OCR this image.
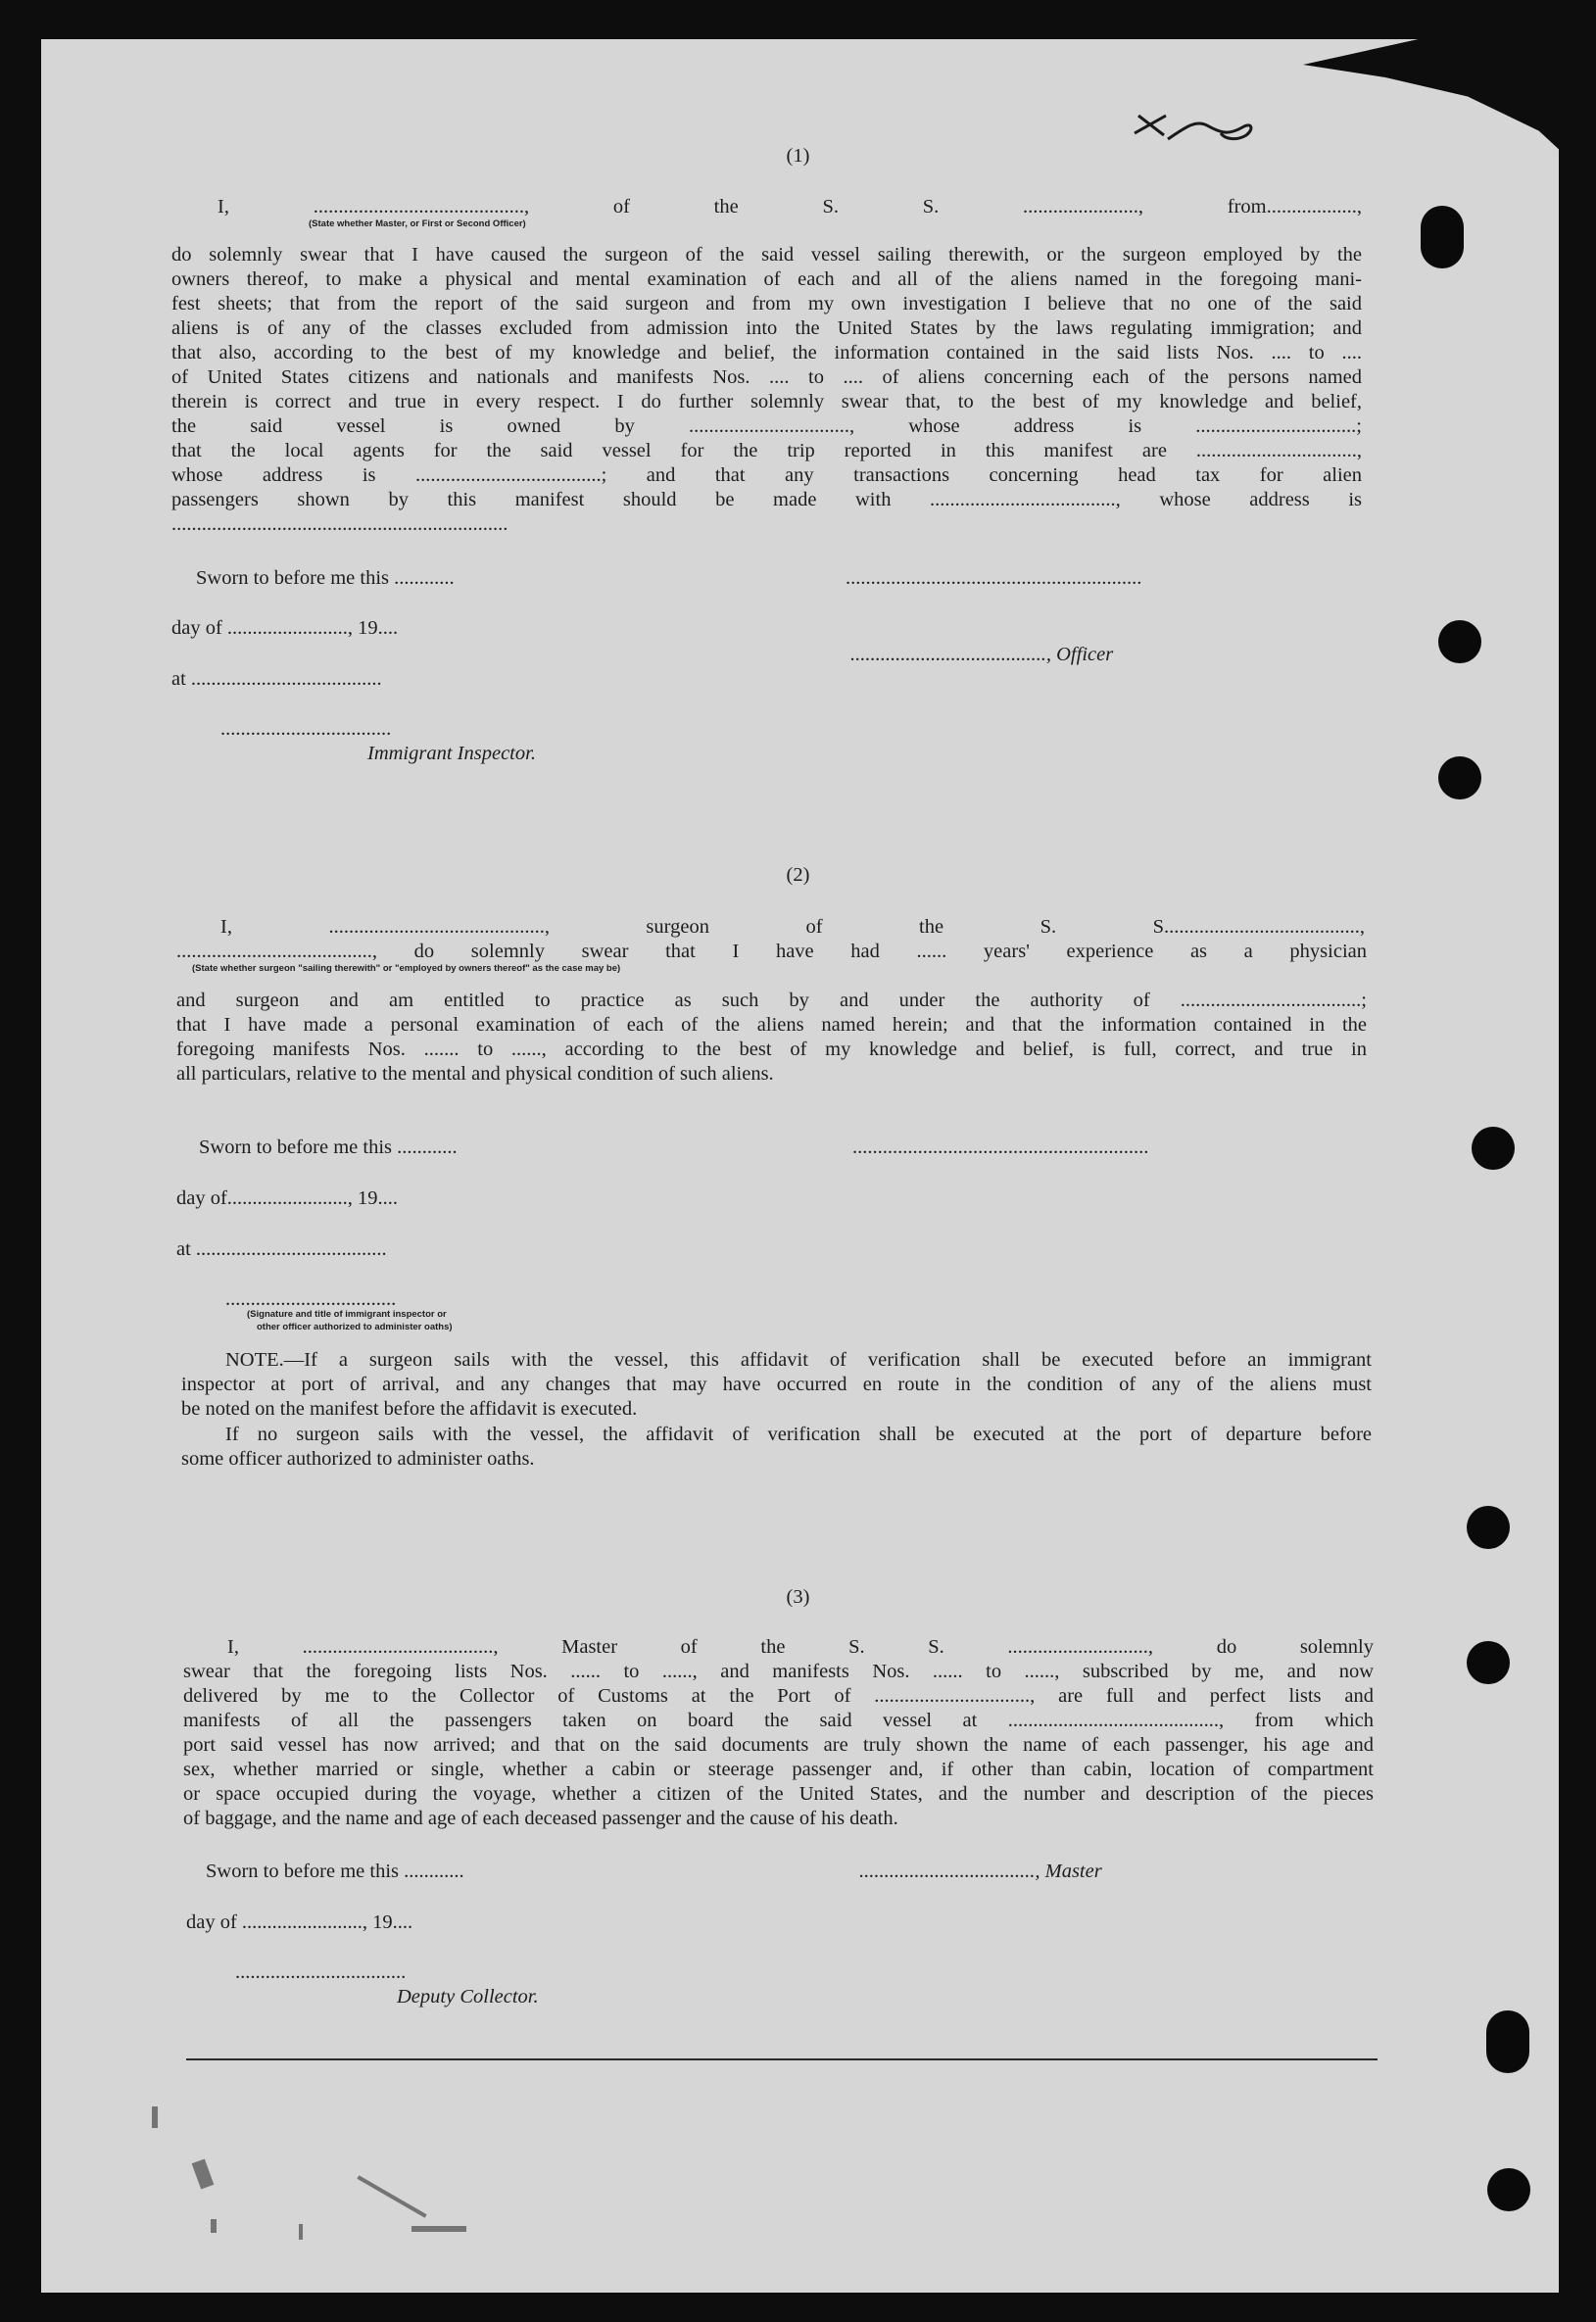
(1)
I, .........................................., of the S. S. ......................., from..................,
(State whether Master, or First or Second Officer)
do solemnly swear that I have caused the surgeon of the said vessel sailing therewith, or the surgeon employed by the
owners thereof, to make a physical and mental examination of each and all of the aliens named in the foregoing mani-
fest sheets; that from the report of the said surgeon and from my own investigation I believe that no one of the said
aliens is of any of the classes excluded from admission into the United States by the laws regulating immigration; and
that also, according to the best of my knowledge and belief, the information contained in the said lists Nos. .... to ....
of United States citizens and nationals and manifests Nos. .... to .... of aliens concerning each of the persons named
therein is correct and true in every respect. I do further solemnly swear that, to the best of my knowledge and belief,
the said vessel is owned by ................................, whose address is ................................;
that the local agents for the said vessel for the trip reported in this manifest are ................................,
whose address is .....................................; and that any transactions concerning head tax for alien
passengers shown by this manifest should be made with ....................................., whose address is
...................................................................
Sworn to before me this ............	...........................................................
day of ........................, 19....
......................................., Officer
at ......................................
..................................
Immigrant Inspector.
(2)
I, ..........................................., surgeon of the S. S.......................................,
......................................., do solemnly swear that I have had ...... years' experience as a physician
(State whether surgeon "sailing therewith" or "employed by owners thereof" as the case may be)
and surgeon and am entitled to practice as such by and under the authority of ....................................;
that I have made a personal examination of each of the aliens named herein; and that the information contained in the
foregoing manifests Nos. ....... to ......, according to the best of my knowledge and belief, is full, correct, and true in
all particulars, relative to the mental and physical condition of such aliens.
Sworn to before me this ............	...........................................................
day of........................, 19....
at ......................................
..................................
(Signature and title of immigrant inspector or
other officer authorized to administer oaths)
NOTE.—If a surgeon sails with the vessel, this affidavit of verification shall be executed before an immigrant
inspector at port of arrival, and any changes that may have occurred en route in the condition of any of the aliens must
be noted on the manifest before the affidavit is executed.
If no surgeon sails with the vessel, the affidavit of verification shall be executed at the port of departure before
some officer authorized to administer oaths.
(3)
I, ......................................, Master of the S. S. ............................, do solemnly
swear that the foregoing lists Nos. ...... to ......, and manifests Nos. ...... to ......, subscribed by me, and now
delivered by me to the Collector of Customs at the Port of ..............................., are full and perfect lists and
manifests of all the passengers taken on board the said vessel at .........................................., from which
port said vessel has now arrived; and that on the said documents are truly shown the name of each passenger, his age and
sex, whether married or single, whether a cabin or steerage passenger and, if other than cabin, location of compartment
or space occupied during the voyage, whether a citizen of the United States, and the number and description of the pieces
of baggage, and the name and age of each deceased passenger and the cause of his death.
Sworn to before me this ............	..................................., Master
day of ........................, 19....
..................................
Deputy Collector.
